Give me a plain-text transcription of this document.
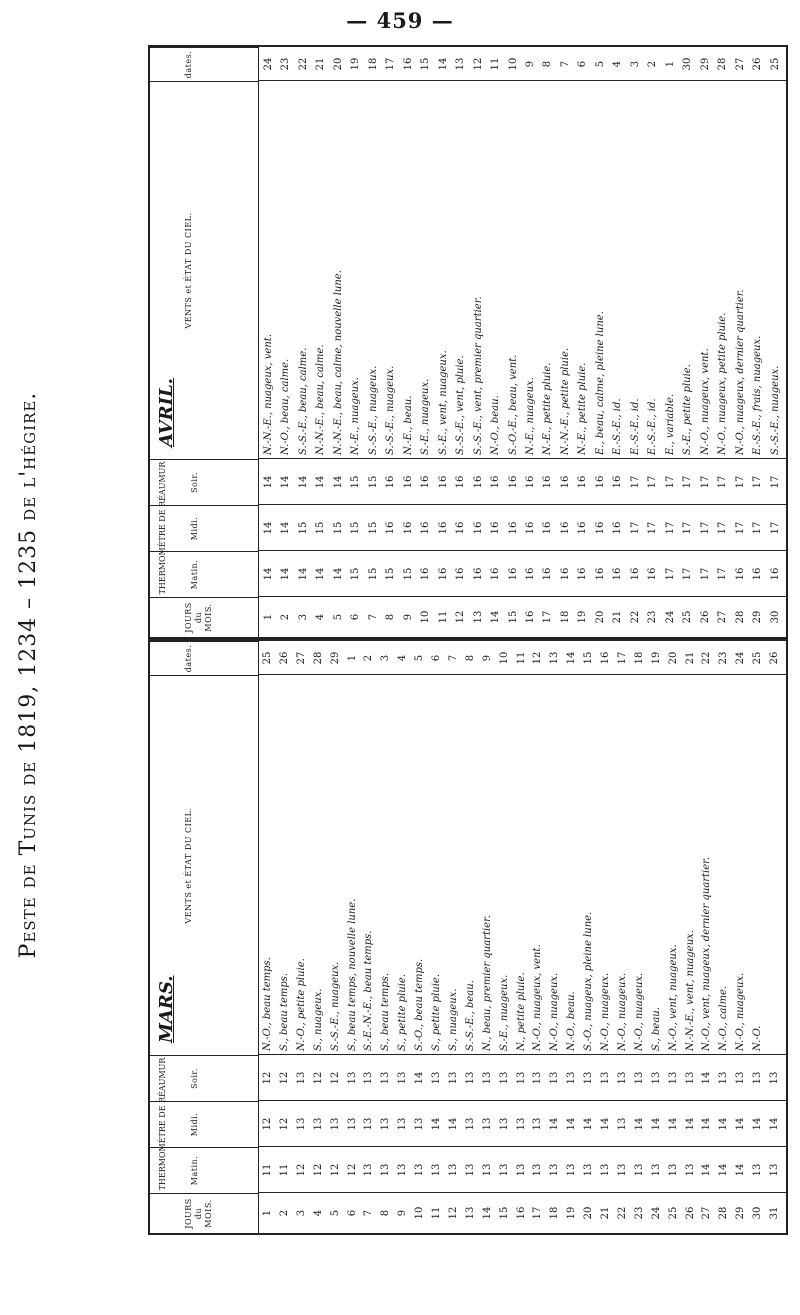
— 459 —
Peste de Tunis de 1819, 1234 – 1235 de l'hégire.	JOURS du MOIS.
Matin.
Midi.
Soir.
VENTS et ÉTAT DU CIEL.
dates.
THERMOMÈTRE DE RÉAUMUR
AVRIL.
1
14
14
14
N.-N.-E., nuageux, vent.
24
2
14
14
14
N.-O., beau, calme.
23
3
14
15
14
S.-S.-E., beau, calme.
22
4
14
15
14
N.-N.-E., beau, calme.
21
5
14
15
14
N.-N.-E., beau, calme, nouvelle lune.
20
6
15
15
15
N.-E., nuageux.
19
7
15
15
15
S.-S.-E., nuageux.
18
8
15
16
16
S.-S.-E., nuageux.
17
9
15
16
16
N.-E., beau.
16
10
16
16
16
S.-E., nuageux.
15
11
16
16
16
S.-E., vent, nuageux.
14
12
16
16
16
S.-S.-E., vent, pluie.
13
13
16
16
16
S.-S.-E., vent, premier quartier.
12
14
16
16
16
N.-O., beau.
11
15
16
16
16
S.-O.-E., beau, vent.
10
16
16
16
16
N.-E., nuageux.
9
17
16
16
16
N.-E., petite pluie.
8
18
16
16
16
N.-N.-E., petite pluie.
7
19
16
16
16
N.-E., petite pluie.
6
20
16
16
16
E., beau, calme, pleine lune.
5
21
16
16
16
E.-S.-E., id.
4
22
16
17
17
E.-S.-E., id.
3
23
16
17
17
E.-S.-E., id.
2
24
17
17
17
E., variable.
1
25
17
17
17
S.-E., petite pluie.
30
26
17
17
17
N.-O., nuageux, vent.
29
27
17
17
17
N.-O., nuageux, petite pluie.
28
28
16
17
17
N.-O., nuageux, dernier quartier.
27
29
16
17
17
E.-S.-E., frais, nuageux.
26
30
16
17
17
S.-S.-E., nuageux.
25
JOURS du MOIS.
Matin.
Midi.
Soir.
VENTS et ÉTAT DU CIEL.
dates.
THERMOMÈTRE DE RÉAUMUR
MARS.
1
11
12
12
N.-O., beau temps.
25
2
11
12
12
S., beau temps.
26
3
12
13
13
N.-O., petite pluie.
27
4
12
13
12
S., nuageux.
28
5
12
13
12
S.-S.-E., nuageux.
29
6
12
13
13
S., beau temps, nouvelle lune.
1
7
13
13
13
S.-E.-N.-E., beau temps.
2
8
13
13
13
S., beau temps.
3
9
13
13
13
S., petite pluie.
4
10
13
13
14
S.-O., beau temps.
5
11
13
14
13
S., petite pluie.
6
12
13
14
13
S., nuageux.
7
13
13
13
13
S.-S.-E., beau.
8
14
13
13
13
N., beau, premier quartier.
9
15
13
13
13
S.-E., nuageux.
10
16
13
13
13
N., petite pluie.
11
17
13
13
13
N.-O., nuageux, vent.
12
18
13
14
13
N.-O., nuageux.
13
19
13
14
13
N.-O., beau.
14
20
13
14
13
S.-O., nuageux, pleine lune.
15
21
13
14
13
N.-O., nuageux.
16
22
13
13
13
N.-O., nuageux.
17
23
13
14
13
N.-O., nuageux.
18
24
13
14
13
S., beau.
19
25
13
14
13
N.-O., vent, nuageux.
20
26
13
14
13
N.-N.-E., vent, nuageux.
21
27
14
14
14
N.-O., vent, nuageux, dernier quartier.
22
28
14
14
13
N.-O., calme.
23
29
14
14
13
N.-O., nuageux.
24
30
13
14
13
N.-O.
25
31
13
14
13
26
